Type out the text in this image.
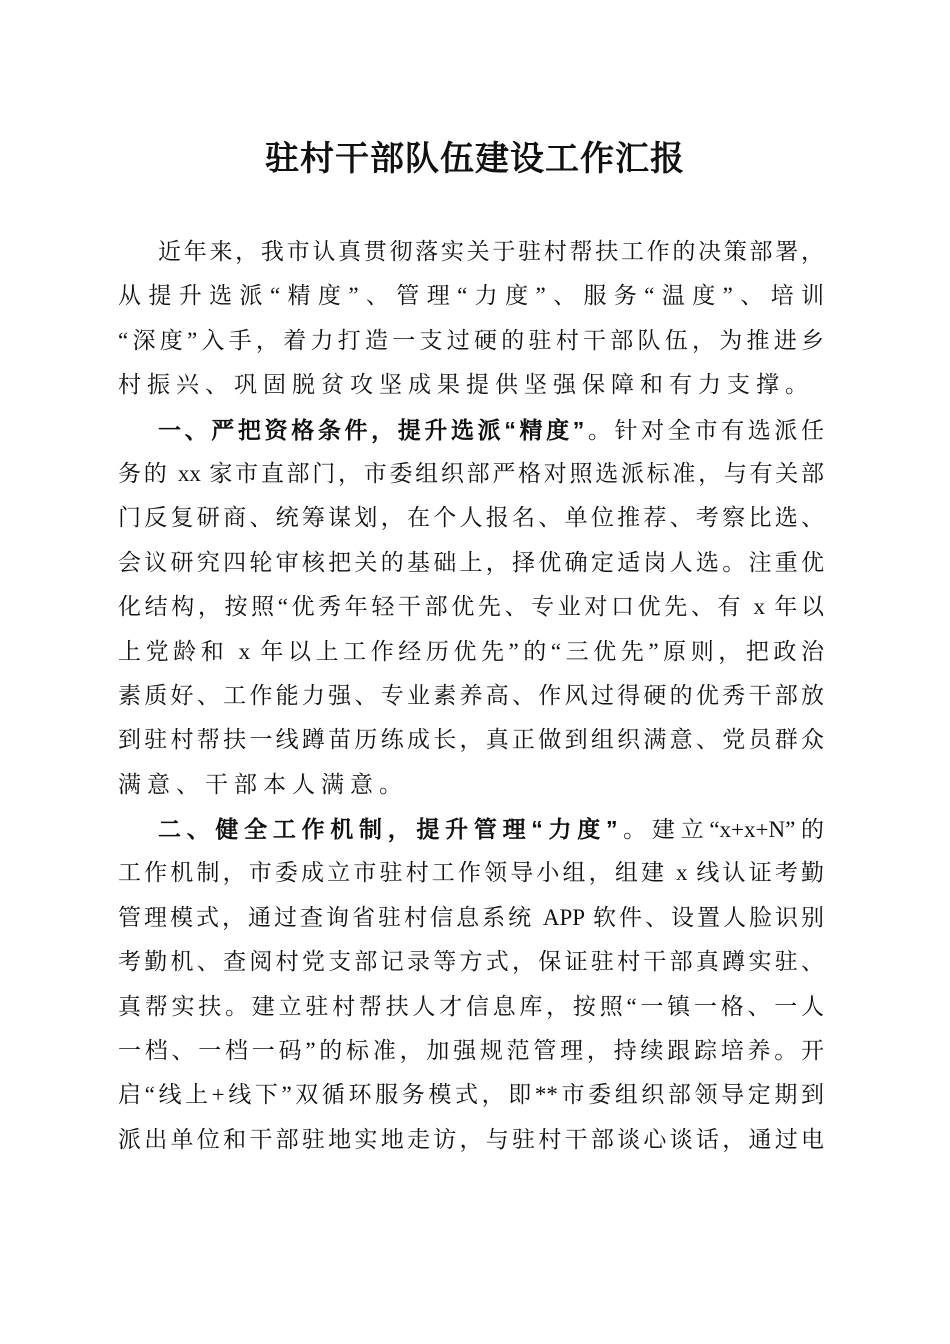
驻村干部队伍建设工作汇报
近年来，我市认真贯彻落实关于驻村帮扶工作的决策部署，
从提升选派“精度”、管理“力度”、服务“温度”、培训
“深度”入手，着力打造一支过硬的驻村干部队伍，为推进乡
村振兴、巩固脱贫攻坚成果提供坚强保障和有力支撑。
一、严把资格条件，提升选派“精度”。针对全市有选派任
务的 xx 家市直部门，市委组织部严格对照选派标准，与有关部
门反复研商、统筹谋划，在个人报名、单位推荐、考察比选、
会议研究四轮审核把关的基础上，择优确定适岗人选。注重优
化结构，按照“优秀年轻干部优先、专业对口优先、有 x 年以
上党龄和 x 年以上工作经历优先”的“三优先”原则，把政治
素质好、工作能力强、专业素养高、作风过得硬的优秀干部放
到驻村帮扶一线蹲苗历练成长，真正做到组织满意、党员群众
满意、干部本人满意。
二、健全工作机制，提升管理“力度”。建立“x+x+N”的
工作机制，市委成立市驻村工作领导小组，组建 x 线认证考勤
管理模式，通过查询省驻村信息系统 APP 软件、设置人脸识别
考勤机、查阅村党支部记录等方式，保证驻村干部真蹲实驻、
真帮实扶。建立驻村帮扶人才信息库，按照“一镇一格、一人
一档、一档一码”的标准，加强规范管理，持续跟踪培养。开
启“线上+线下”双循环服务模式，即**市委组织部领导定期到
派出单位和干部驻地实地走访，与驻村干部谈心谈话，通过电
